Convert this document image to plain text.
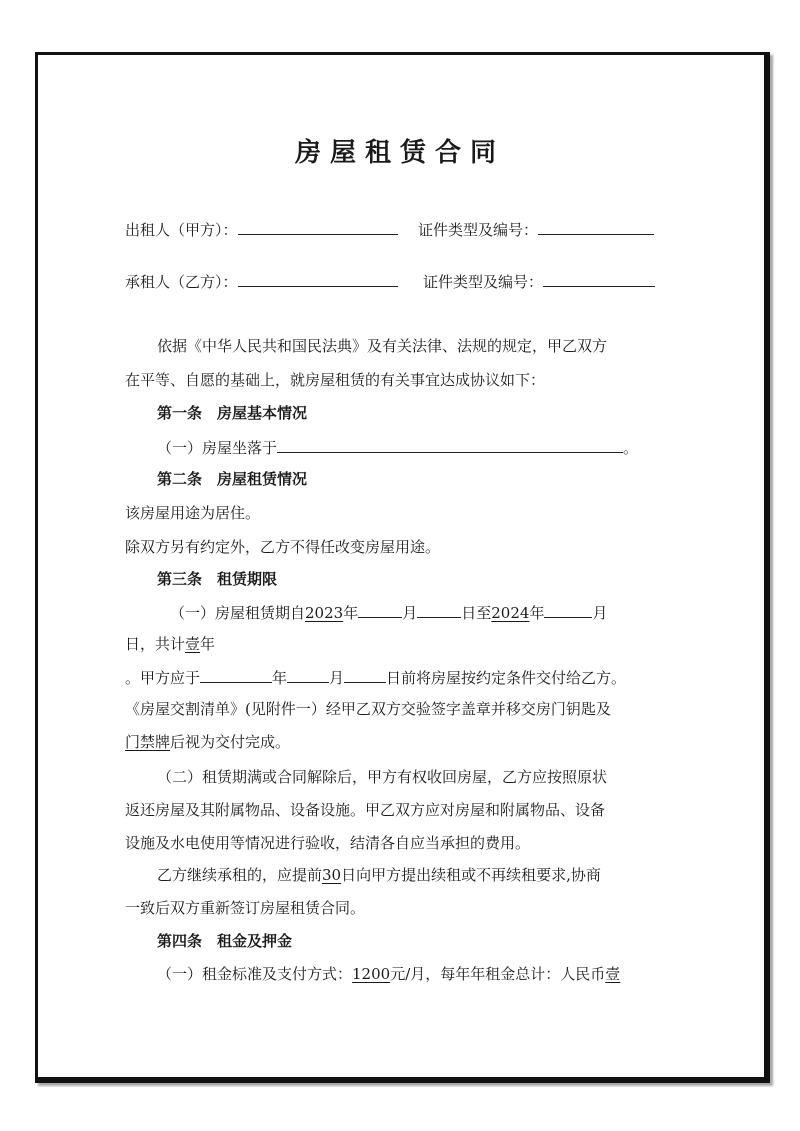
房屋租赁合同
出租人（甲方）：	证件类型及编号：
承租人（乙方）：	证件类型及编号：
依据《中华人民共和国民法典》及有关法律、法规的规定，甲乙双方
在平等、自愿的基础上，就房屋租赁的有关事宜达成协议如下：
第一条　房屋基本情况
（一）房屋坐落于	。
第二条　房屋租赁情况
该房屋用途为居住。
除双方另有约定外，乙方不得任改变房屋用途。
第三条　租赁期限
（一）房屋租赁期自2023年	月	日至2024年	月
日，共计壹年
。甲方应于	年	月	日前将房屋按约定条件交付给乙方。
《房屋交割清单》(见附件一）经甲乙双方交验签字盖章并移交房门钥匙及
门禁牌后视为交付完成。
（二）租赁期满或合同解除后，甲方有权收回房屋，乙方应按照原状
返还房屋及其附属物品、设备设施。甲乙双方应对房屋和附属物品、设备
设施及水电使用等情况进行验收，结清各自应当承担的费用。
乙方继续承租的，应提前30日向甲方提出续租或不再续租要求,协商
一致后双方重新签订房屋租赁合同。
第四条　租金及押金
（一）租金标准及支付方式：1200元/月，每年年租金总计：人民币壹
